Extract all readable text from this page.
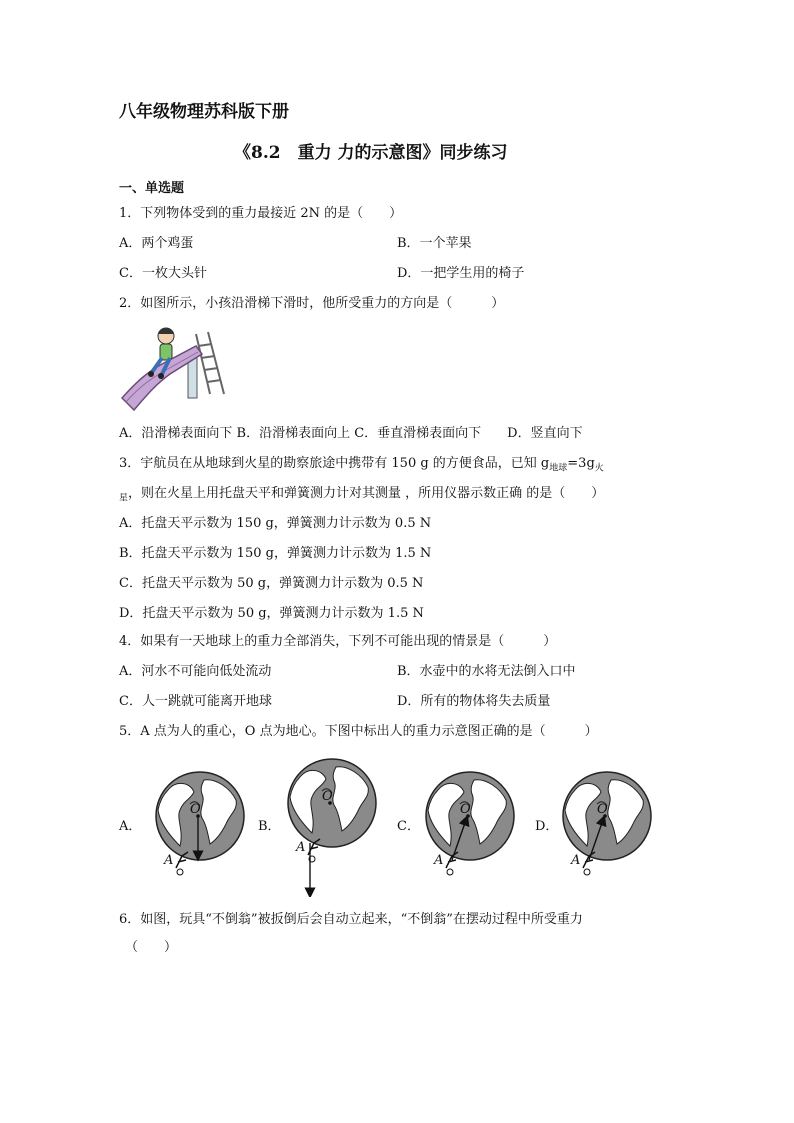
八年级物理苏科版下册
《8.2　重力 力的示意图》同步练习
一、单选题
1．下列物体受到的重力最接近 2N 的是（　　）
A．两个鸡蛋	B．一个苹果
C．一枚大头针	D．一把学生用的椅子
2．如图所示，小孩沿滑梯下滑时，他所受重力的方向是（　　　）
A．沿滑梯表面向下 B．沿滑梯表面向上 C．垂直滑梯表面向下　　D．竖直向下
3．宇航员在从地球到火星的勘察旅途中携带有 150 g 的方便食品，已知 $g_{地球}=3g_火$
$_星$，则在火星上用托盘天平和弹簧测力计对其测量 ，所用仪器示数正确 的是（　　）
A．托盘天平示数为 150 g，弹簧测力计示数为 0.5 N
B．托盘天平示数为 150 g，弹簧测力计示数为 1.5 N
C．托盘天平示数为 50 g，弹簧测力计示数为 0.5 N
D．托盘天平示数为 50 g，弹簧测力计示数为 1.5 N
4．如果有一天地球上的重力全部消失，下列不可能出现的情景是（　　　）
A．河水不可能向低处流动	B．水壶中的水将无法倒入口中
C．人一跳就可能离开地球	D．所有的物体将失去质量
5．A 点为人的重心，O 点为地心。下图中标出人的重力示意图正确的是（　　　）
A．	B．	C．	D．
O
A
O
A
O
A
O
A
6．如图，玩具“不倒翁”被扳倒后会自动立起来，“不倒翁”在摆动过程中所受重力
（　　）
